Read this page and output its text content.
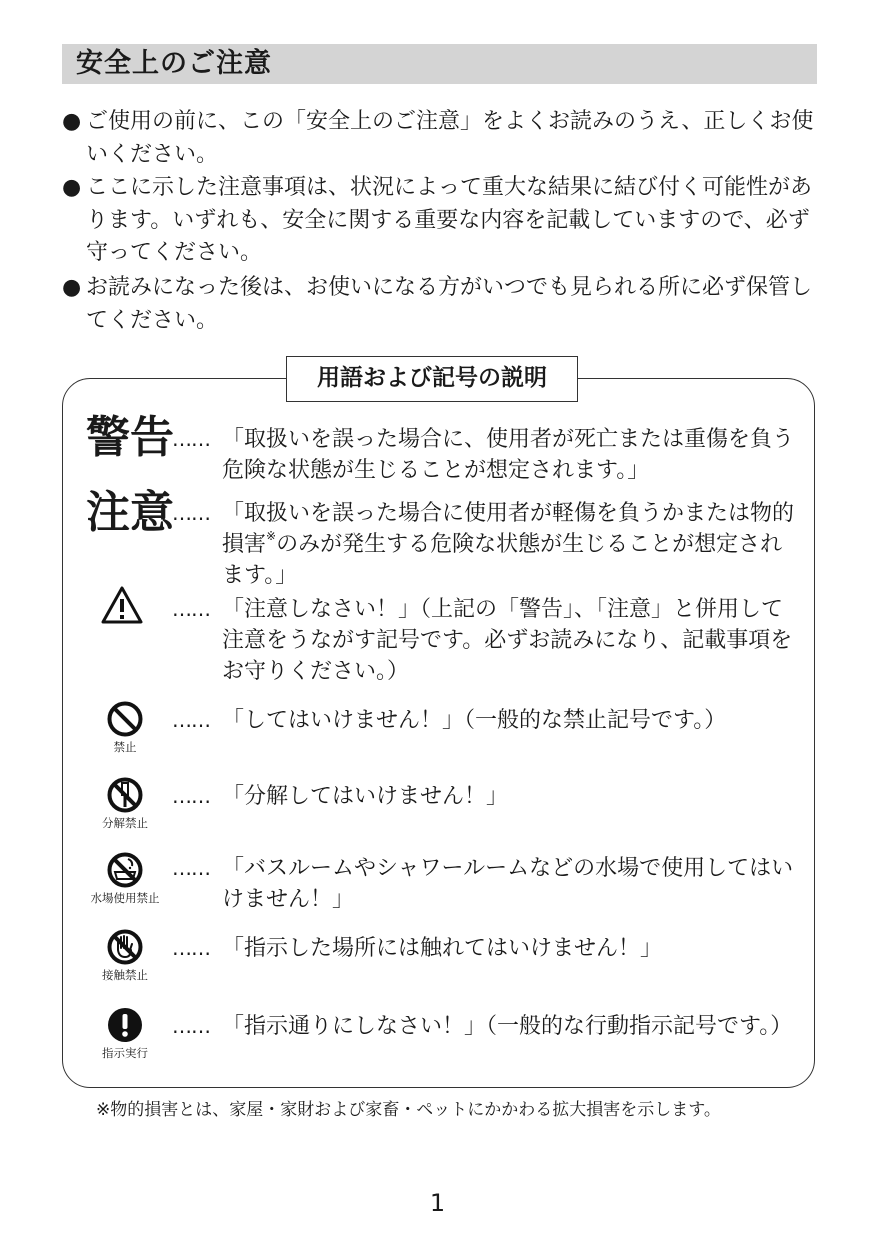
安全上のご注意
● ご使用の前に、この「安全上のご注意」をよくお読みのうえ、正しくお使いください。
● ここに示した注意事項は、状況によって重大な結果に結び付く可能性があります。いずれも、安全に関する重要な内容を記載していますので、必ず守ってください。
● お読みになった後は、お使いになる方がいつでも見られる所に必ず保管してください。
用語および記号の説明
警告
…… 「取扱いを誤った場合に、使用者が死亡または重傷を負う危険な状態が生じることが想定されます。」
注意
…… 「取扱いを誤った場合に使用者が軽傷を負うかまたは物的損害※のみが発生する危険な状態が生じることが想定されます。」
…… 「注意しなさい！」（上記の「警告」、「注意」と併用して注意をうながす記号です。必ずお読みになり、記載事項をお守りください。）
禁止
…… 「してはいけません！」（一般的な禁止記号です。）
分解禁止
…… 「分解してはいけません！」
水場使用禁止
…… 「バスルームやシャワールームなどの水場で使用してはいけません！」
接触禁止
…… 「指示した場所には触れてはいけません！」
指示実行
…… 「指示通りにしなさい！」（一般的な行動指示記号です。）
※物的損害とは、家屋・家財および家畜・ペットにかかわる拡大損害を示します。
1
